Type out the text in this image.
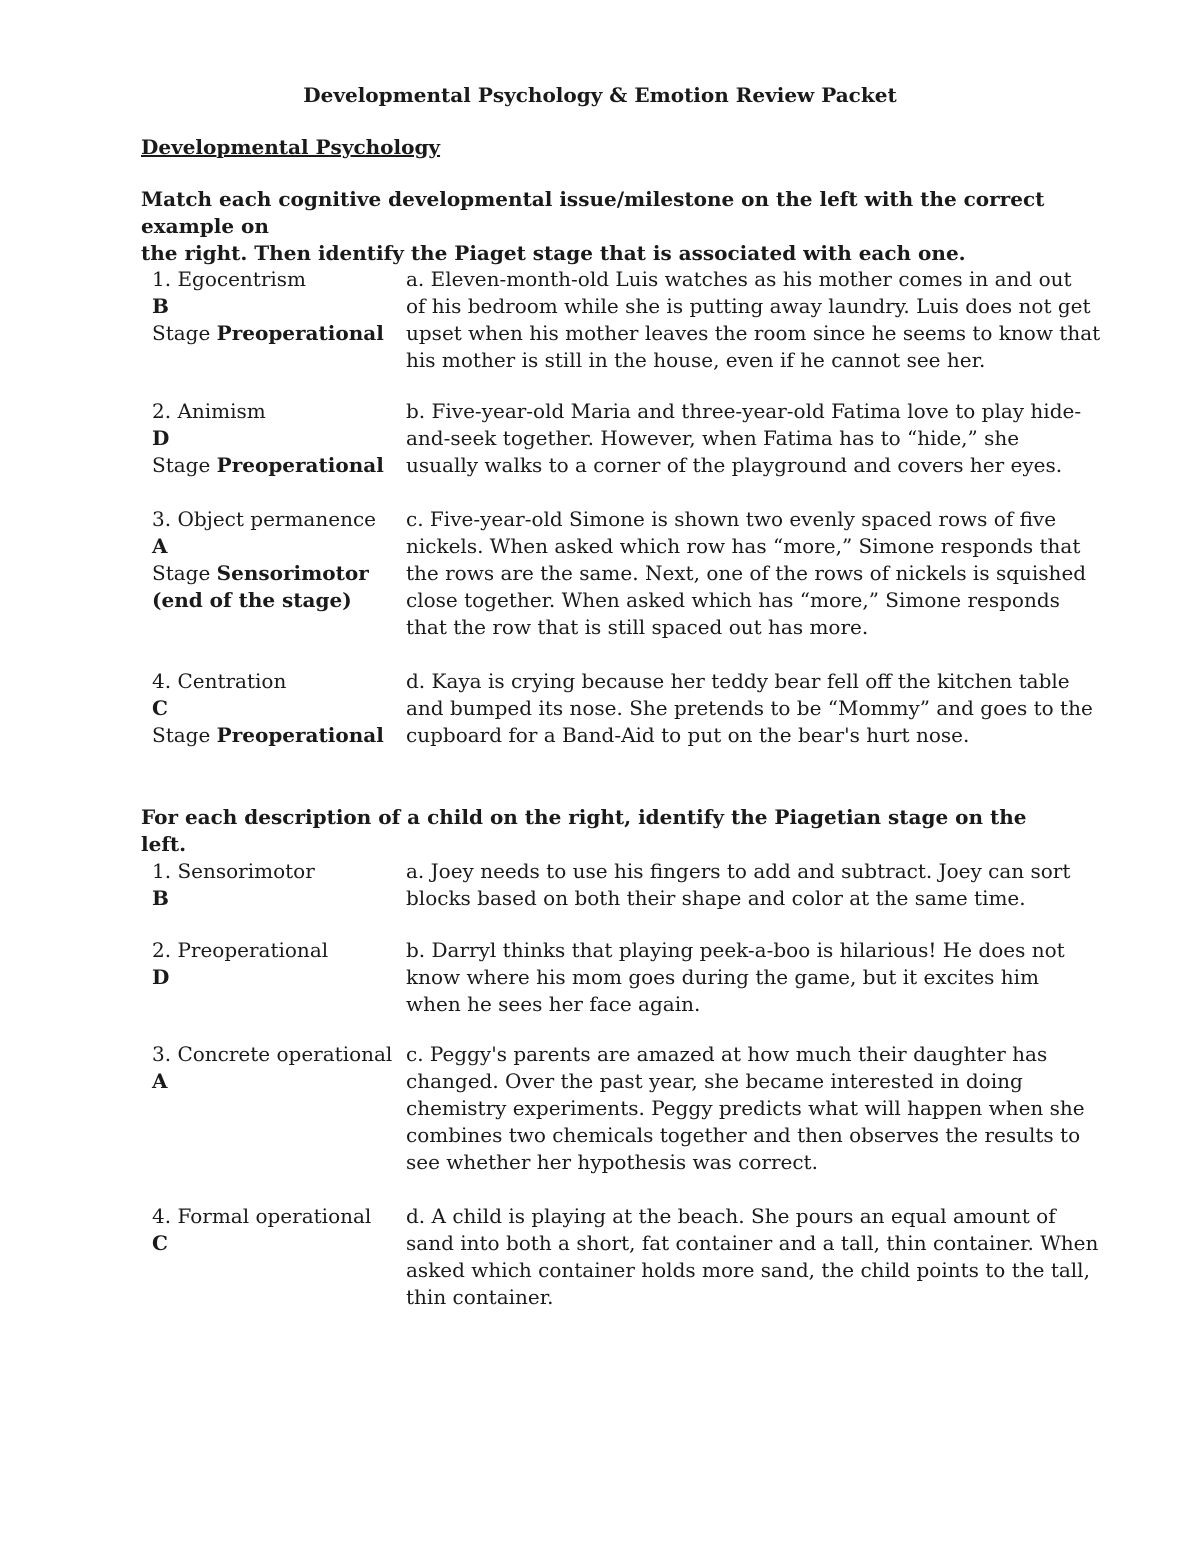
Developmental Psychology & Emotion Review Packet
Developmental Psychology
Match each cognitive developmental issue/milestone on the left with the correct example on
the right. Then identify the Piaget stage that is associated with each one.
1. Egocentrism
B
Stage Preoperational
a. Eleven-month-old Luis watches as his mother comes in and out
of his bedroom while she is putting away laundry. Luis does not get
upset when his mother leaves the room since he seems to know that
his mother is still in the house, even if he cannot see her.
2. Animism
D
Stage Preoperational
b. Five-year-old Maria and three-year-old Fatima love to play hide-
and-seek together. However, when Fatima has to “hide,” she
usually walks to a corner of the playground and covers her eyes.
3. Object permanence
A
Stage Sensorimotor
(end of the stage)
c. Five-year-old Simone is shown two evenly spaced rows of five
nickels. When asked which row has “more,” Simone responds that
the rows are the same. Next, one of the rows of nickels is squished
close together. When asked which has “more,” Simone responds
that the row that is still spaced out has more.
4. Centration
C
Stage Preoperational
d. Kaya is crying because her teddy bear fell off the kitchen table
and bumped its nose. She pretends to be “Mommy” and goes to the
cupboard for a Band-Aid to put on the bear's hurt nose.
For each description of a child on the right, identify the Piagetian stage on the left.
1. Sensorimotor
B
a. Joey needs to use his fingers to add and subtract. Joey can sort
blocks based on both their shape and color at the same time.
2. Preoperational
D
b. Darryl thinks that playing peek-a-boo is hilarious! He does not
know where his mom goes during the game, but it excites him
when he sees her face again.
3. Concrete operational
A
c. Peggy's parents are amazed at how much their daughter has
changed. Over the past year, she became interested in doing
chemistry experiments. Peggy predicts what will happen when she
combines two chemicals together and then observes the results to
see whether her hypothesis was correct.
4. Formal operational
C
d. A child is playing at the beach. She pours an equal amount of
sand into both a short, fat container and a tall, thin container. When
asked which container holds more sand, the child points to the tall,
thin container.
